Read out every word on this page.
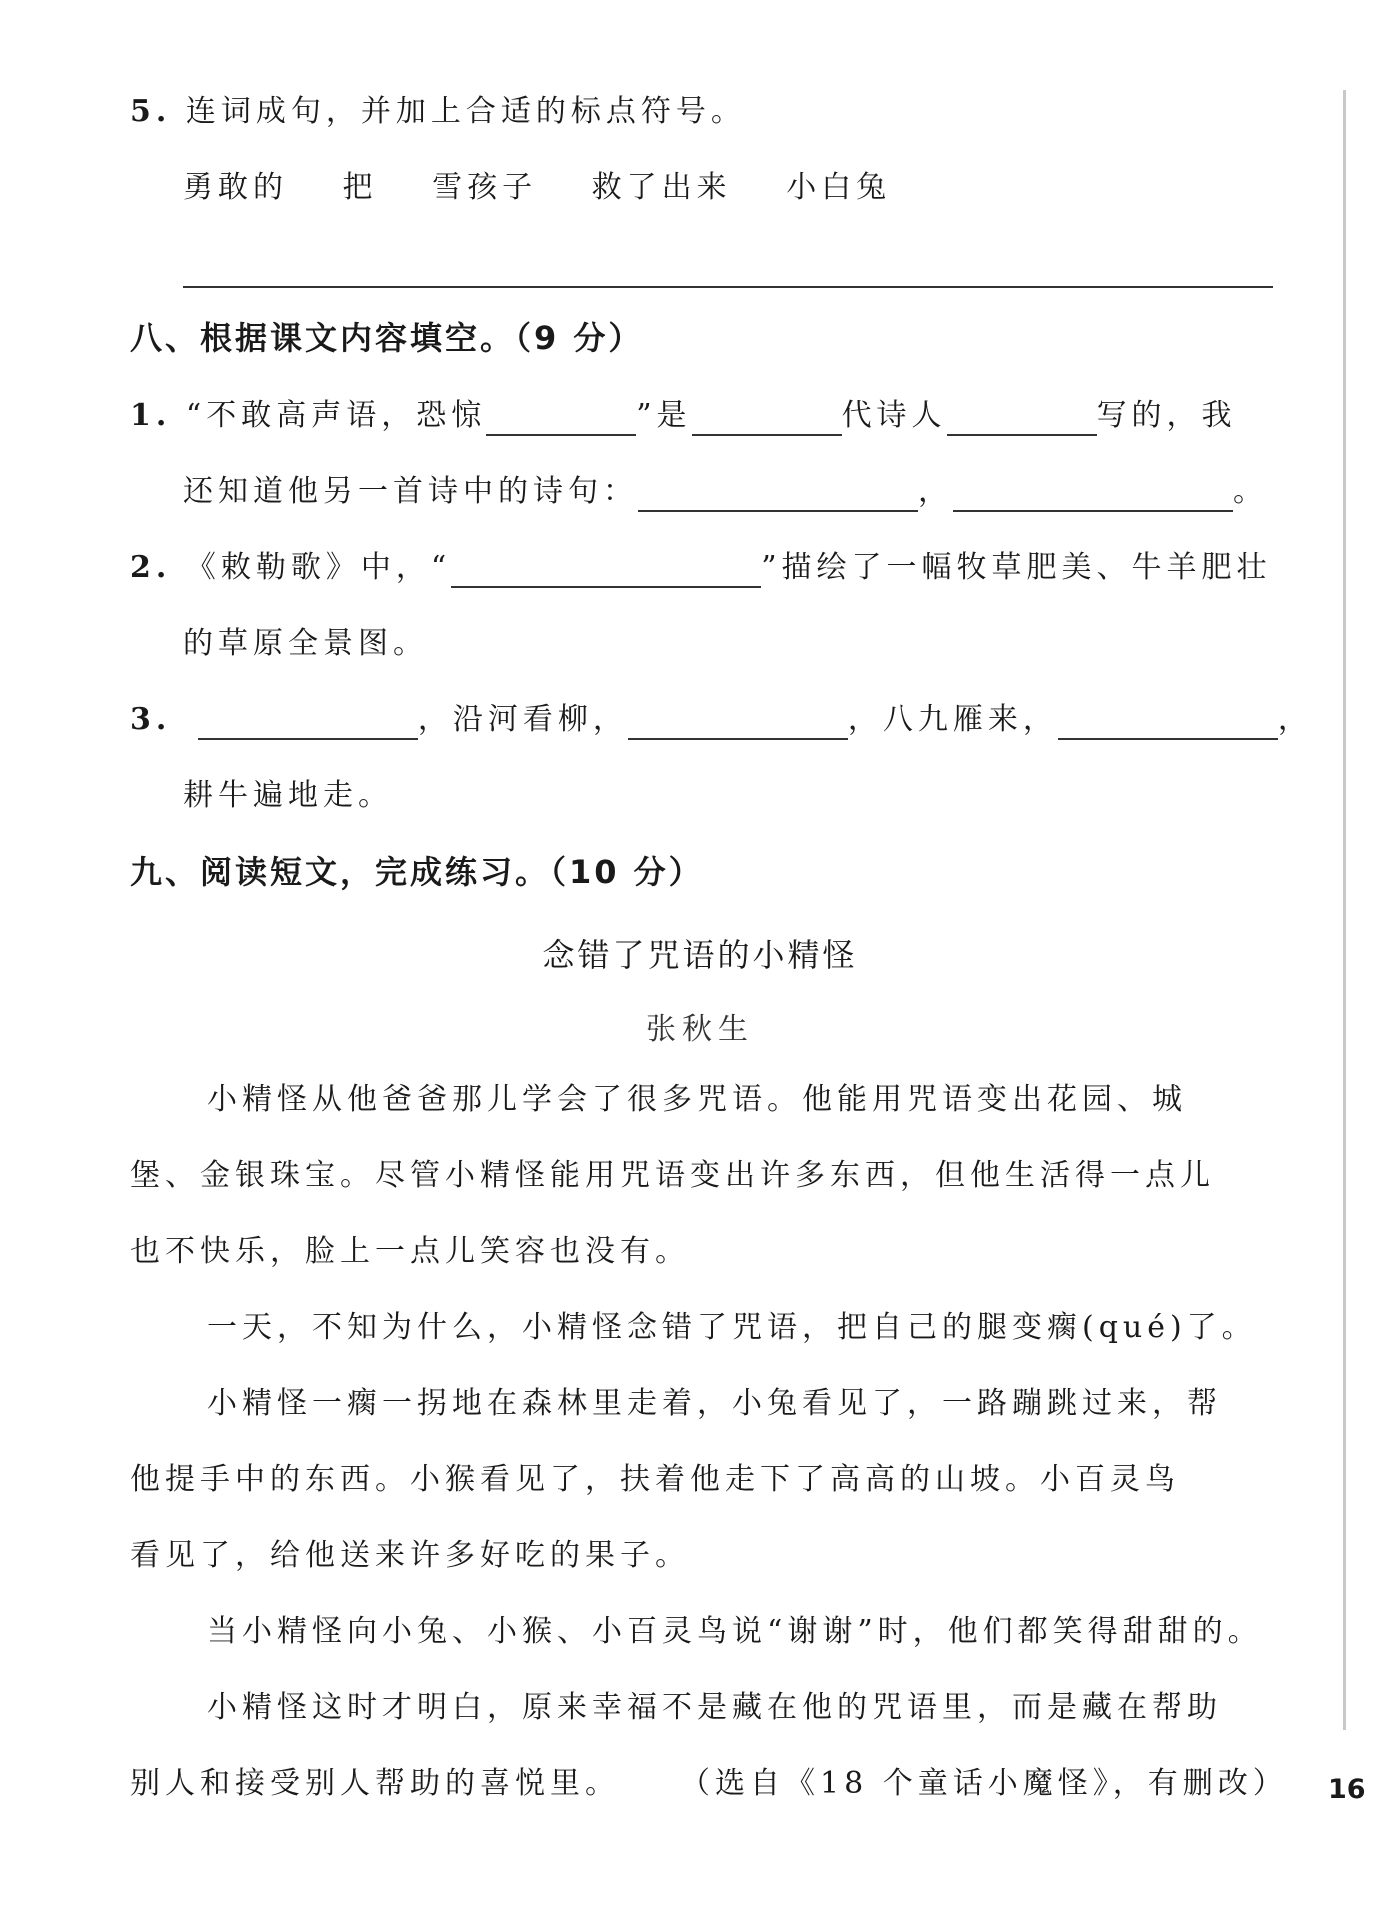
5. 连词成句，并加上合适的标点符号。
勇敢的 把 雪孩子 救了出来 小白兔
八、根据课文内容填空。（9 分）
1. “不敢高声语，恐惊	”是	代诗人	写的，我
还知道他另一首诗中的诗句：	，	。
2. 《敕勒歌》中，“	”描绘了一幅牧草肥美、牛羊肥壮
的草原全景图。
3.	，沿河看柳，	，八九雁来，	，
耕牛遍地走。
九、阅读短文，完成练习。（10 分）
念错了咒语的小精怪
张秋生
小精怪从他爸爸那儿学会了很多咒语。他能用咒语变出花园、城
堡、金银珠宝。尽管小精怪能用咒语变出许多东西，但他生活得一点儿
也不快乐，脸上一点儿笑容也没有。
一天，不知为什么，小精怪念错了咒语，把自己的腿变瘸(qué)了。
小精怪一瘸一拐地在森林里走着，小兔看见了，一路蹦跳过来，帮
他提手中的东西。小猴看见了，扶着他走下了高高的山坡。小百灵鸟
看见了，给他送来许多好吃的果子。
当小精怪向小兔、小猴、小百灵鸟说“谢谢”时，他们都笑得甜甜的。
小精怪这时才明白，原来幸福不是藏在他的咒语里，而是藏在帮助
别人和接受别人帮助的喜悦里。 （选自《18 个童话小魔怪》，有删改） 16
